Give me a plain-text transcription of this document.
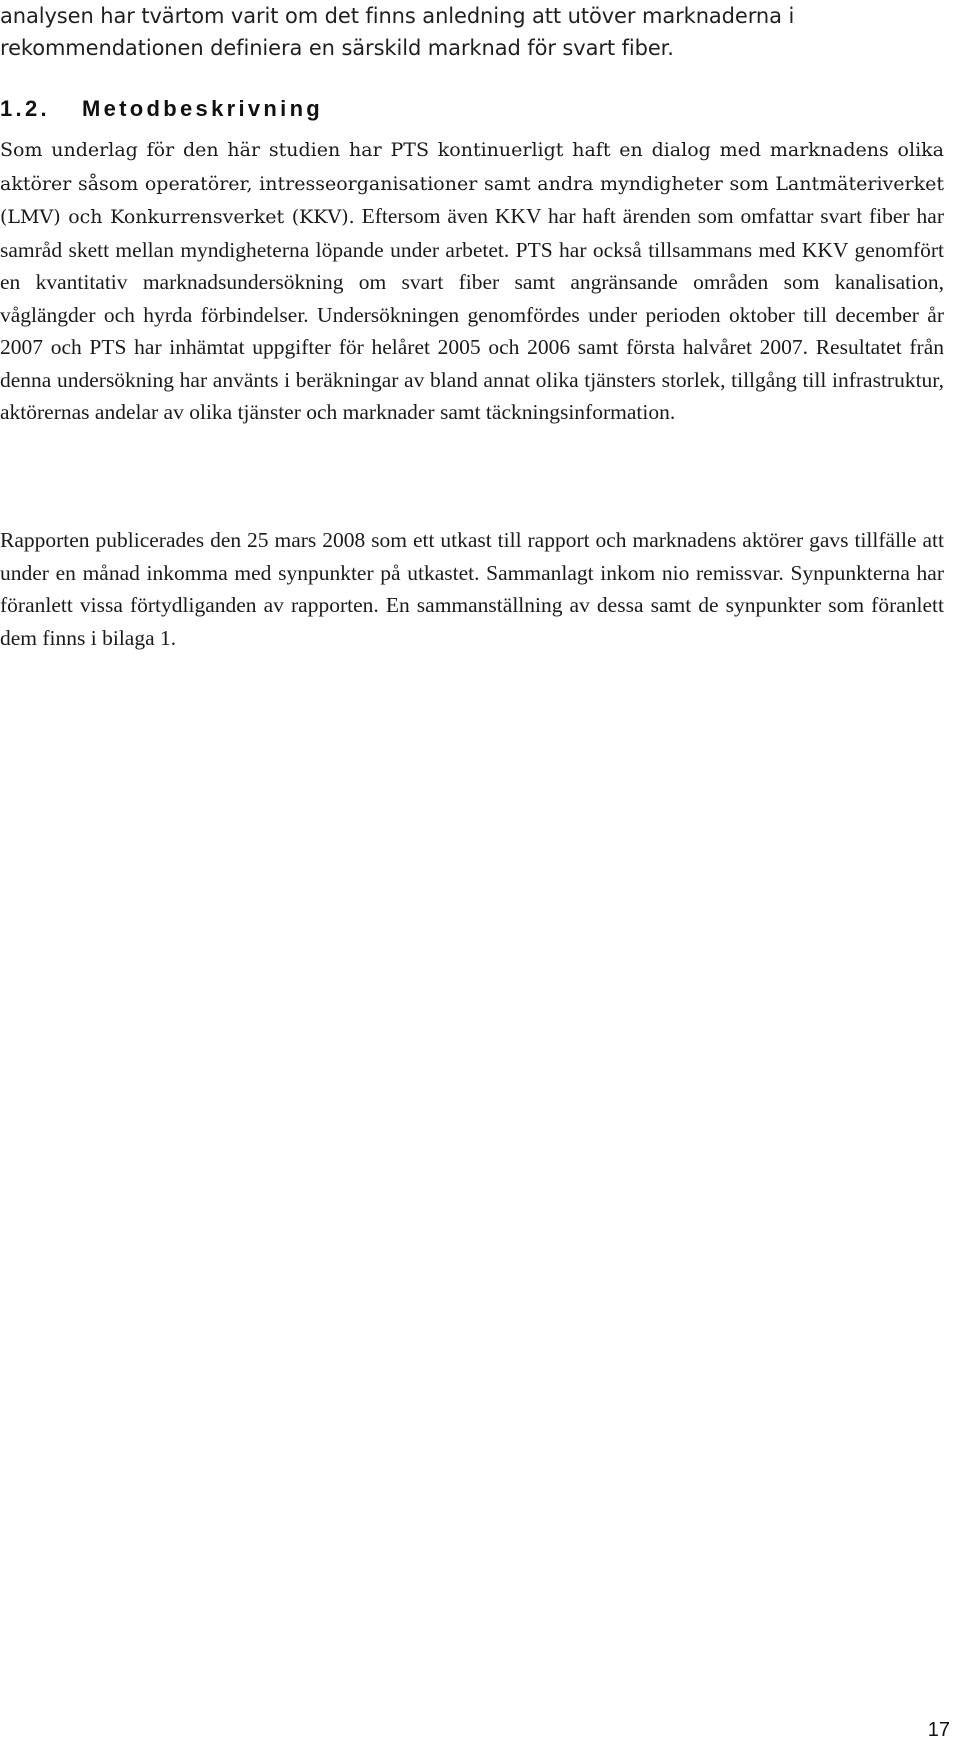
analysen har tvärtom varit om det finns anledning att utöver marknaderna i rekommendationen definiera en särskild marknad för svart fiber.

1.2. Metodbeskrivning

Som underlag för den här studien har PTS kontinuerligt haft en dialog med marknadens olika aktörer såsom operatörer, intresseorganisationer samt andra myndigheter som Lantmäteriverket (LMV) och Konkurrensverket (KKV). Eftersom även KKV har haft ärenden som omfattar svart fiber har samråd skett mellan myndigheterna löpande under arbetet. PTS har också tillsammans med KKV genomfört en kvantitativ marknadsundersökning om svart fiber samt angränsande områden som kanalisation, våglängder och hyrda förbindelser. Undersökningen genomfördes under perioden oktober till december år 2007 och PTS har inhämtat uppgifter för helåret 2005 och 2006 samt första halvåret 2007. Resultatet från denna undersökning har använts i beräkningar av bland annat olika tjänsters storlek, tillgång till infrastruktur, aktörernas andelar av olika tjänster och marknader samt täckningsinformation.

Rapporten publicerades den 25 mars 2008 som ett utkast till rapport och marknadens aktörer gavs tillfälle att under en månad inkomma med synpunkter på utkastet. Sammanlagt inkom nio remissvar. Synpunkterna har föranlett vissa förtydliganden av rapporten. En sammanställning av dessa samt de synpunkter som föranlett dem finns i bilaga 1.

17
